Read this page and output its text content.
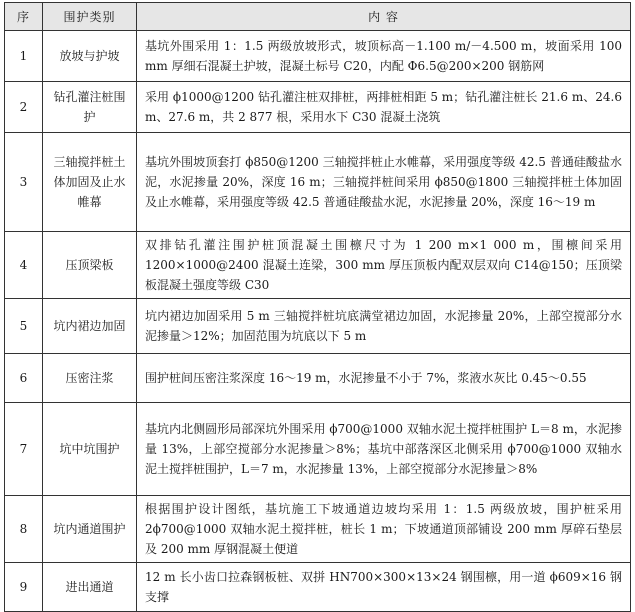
序	围护类别	内 容
1	放坡与护坡	基坑外围采用 1：1.5 两级放坡形式，坡顶标高－1.100 m/－4.500 m，坡面采用 100 mm 厚细石混凝土护坡，混凝土标号 C20，内配 Φ6.5@200×200 钢筋网
2	钻孔灌注桩围护	采用 ϕ1000@1200 钻孔灌注桩双排桩，两排桩相距 5 m；钻孔灌注桩长 21.6 m、24.6 m、27.6 m，共 2 877 根，采用水下 C30 混凝土浇筑
3	三轴搅拌桩土体加固及止水帷幕	基坑外围坡顶套打 ϕ850@1200 三轴搅拌桩止水帷幕，采用强度等级 42.5 普通硅酸盐水泥，水泥掺量 20%，深度 16 m；三轴搅拌桩间采用 ϕ850@1800 三轴搅拌桩土体加固及止水帷幕，采用强度等级 42.5 普通硅酸盐水泥，水泥掺量 20%，深度 16～19 m
4	压顶梁板	双排钻孔灌注围护桩顶混凝土围檩尺寸为 1 200 m×1 000 m，围檩间采用 1200×1000@2400 混凝土连梁，300 mm 厚压顶板内配双层双向 C14@150；压顶梁板混凝土强度等级 C30
5	坑内裙边加固	坑内裙边加固采用 5 m 三轴搅拌桩坑底满堂裙边加固，水泥掺量 20%，上部空搅部分水泥掺量＞12%；加固范围为坑底以下 5 m
6	压密注浆	围护桩间压密注浆深度 16～19 m，水泥掺量不小于 7%，浆液水灰比 0.45～0.55
7	坑中坑围护	基坑内北侧圆形局部深坑外围采用 ϕ700@1000 双轴水泥土搅拌桩围护 L＝8 m，水泥掺量 13%，上部空搅部分水泥掺量＞8%；基坑中部落深区北侧采用 ϕ700@1000 双轴水泥土搅拌桩围护，L＝7 m，水泥掺量 13%，上部空搅部分水泥掺量＞8%
8	坑内通道围护	根据围护设计图纸，基坑施工下坡通道边坡均采用 1：1.5 两级放坡，围护桩采用 2ϕ700@1000 双轴水泥土搅拌桩，桩长 1 m；下坡通道顶部铺设 200 mm 厚碎石垫层及 200 mm 厚钢混凝土便道
9	进出通道	12 m 长小齿口拉森钢板桩、双拼 HN700×300×13×24 钢围檩，用一道 ϕ609×16 钢支撑
